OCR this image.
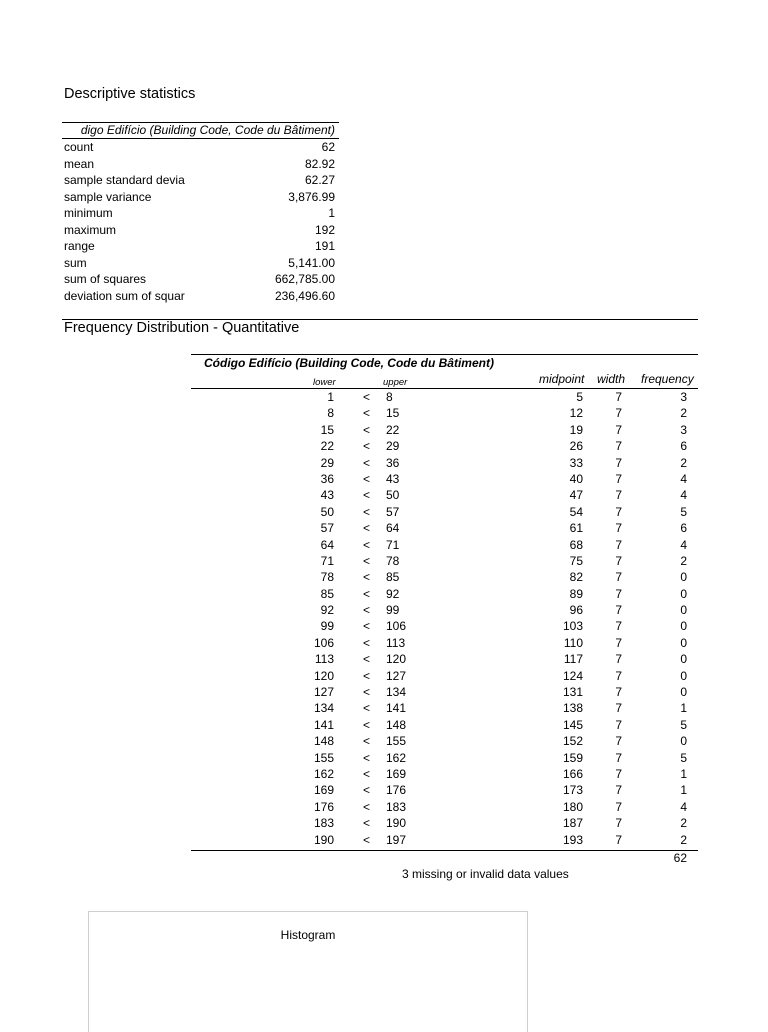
Descriptive statistics
digo Edifício (Building Code, Code du Bâtiment)
count	62
mean	82.92
sample standard devia	62.27
sample variance	3,876.99
minimum	1
maximum	192
range	191
sum	5,141.00
sum of squares	662,785.00
deviation sum of squar	236,496.60
Frequency Distribution - Quantitative
Código Edifício (Building Code, Code du Bâtiment)
lower	upper	midpoint width frequency
1 < 8	5	7	3
8 < 15	12	7	2
15 < 22	19	7	3
22 < 29	26	7	6
29 < 36	33	7	2
36 < 43	40	7	4
43 < 50	47	7	4
50 < 57	54	7	5
57 < 64	61	7	6
64 < 71	68	7	4
71 < 78	75	7	2
78 < 85	82	7	0
85 < 92	89	7	0
92 < 99	96	7	0
99 < 106	103	7	0
106 < 113	110	7	0
113 < 120	117	7	0
120 < 127	124	7	0
127 < 134	131	7	0
134 < 141	138	7	1
141 < 148	145	7	5
148 < 155	152	7	0
155 < 162	159	7	5
162 < 169	166	7	1
169 < 176	173	7	1
176 < 183	180	7	4
183 < 190	187	7	2
190 < 197	193	7	2
62
3 missing or invalid data values
Histogram
